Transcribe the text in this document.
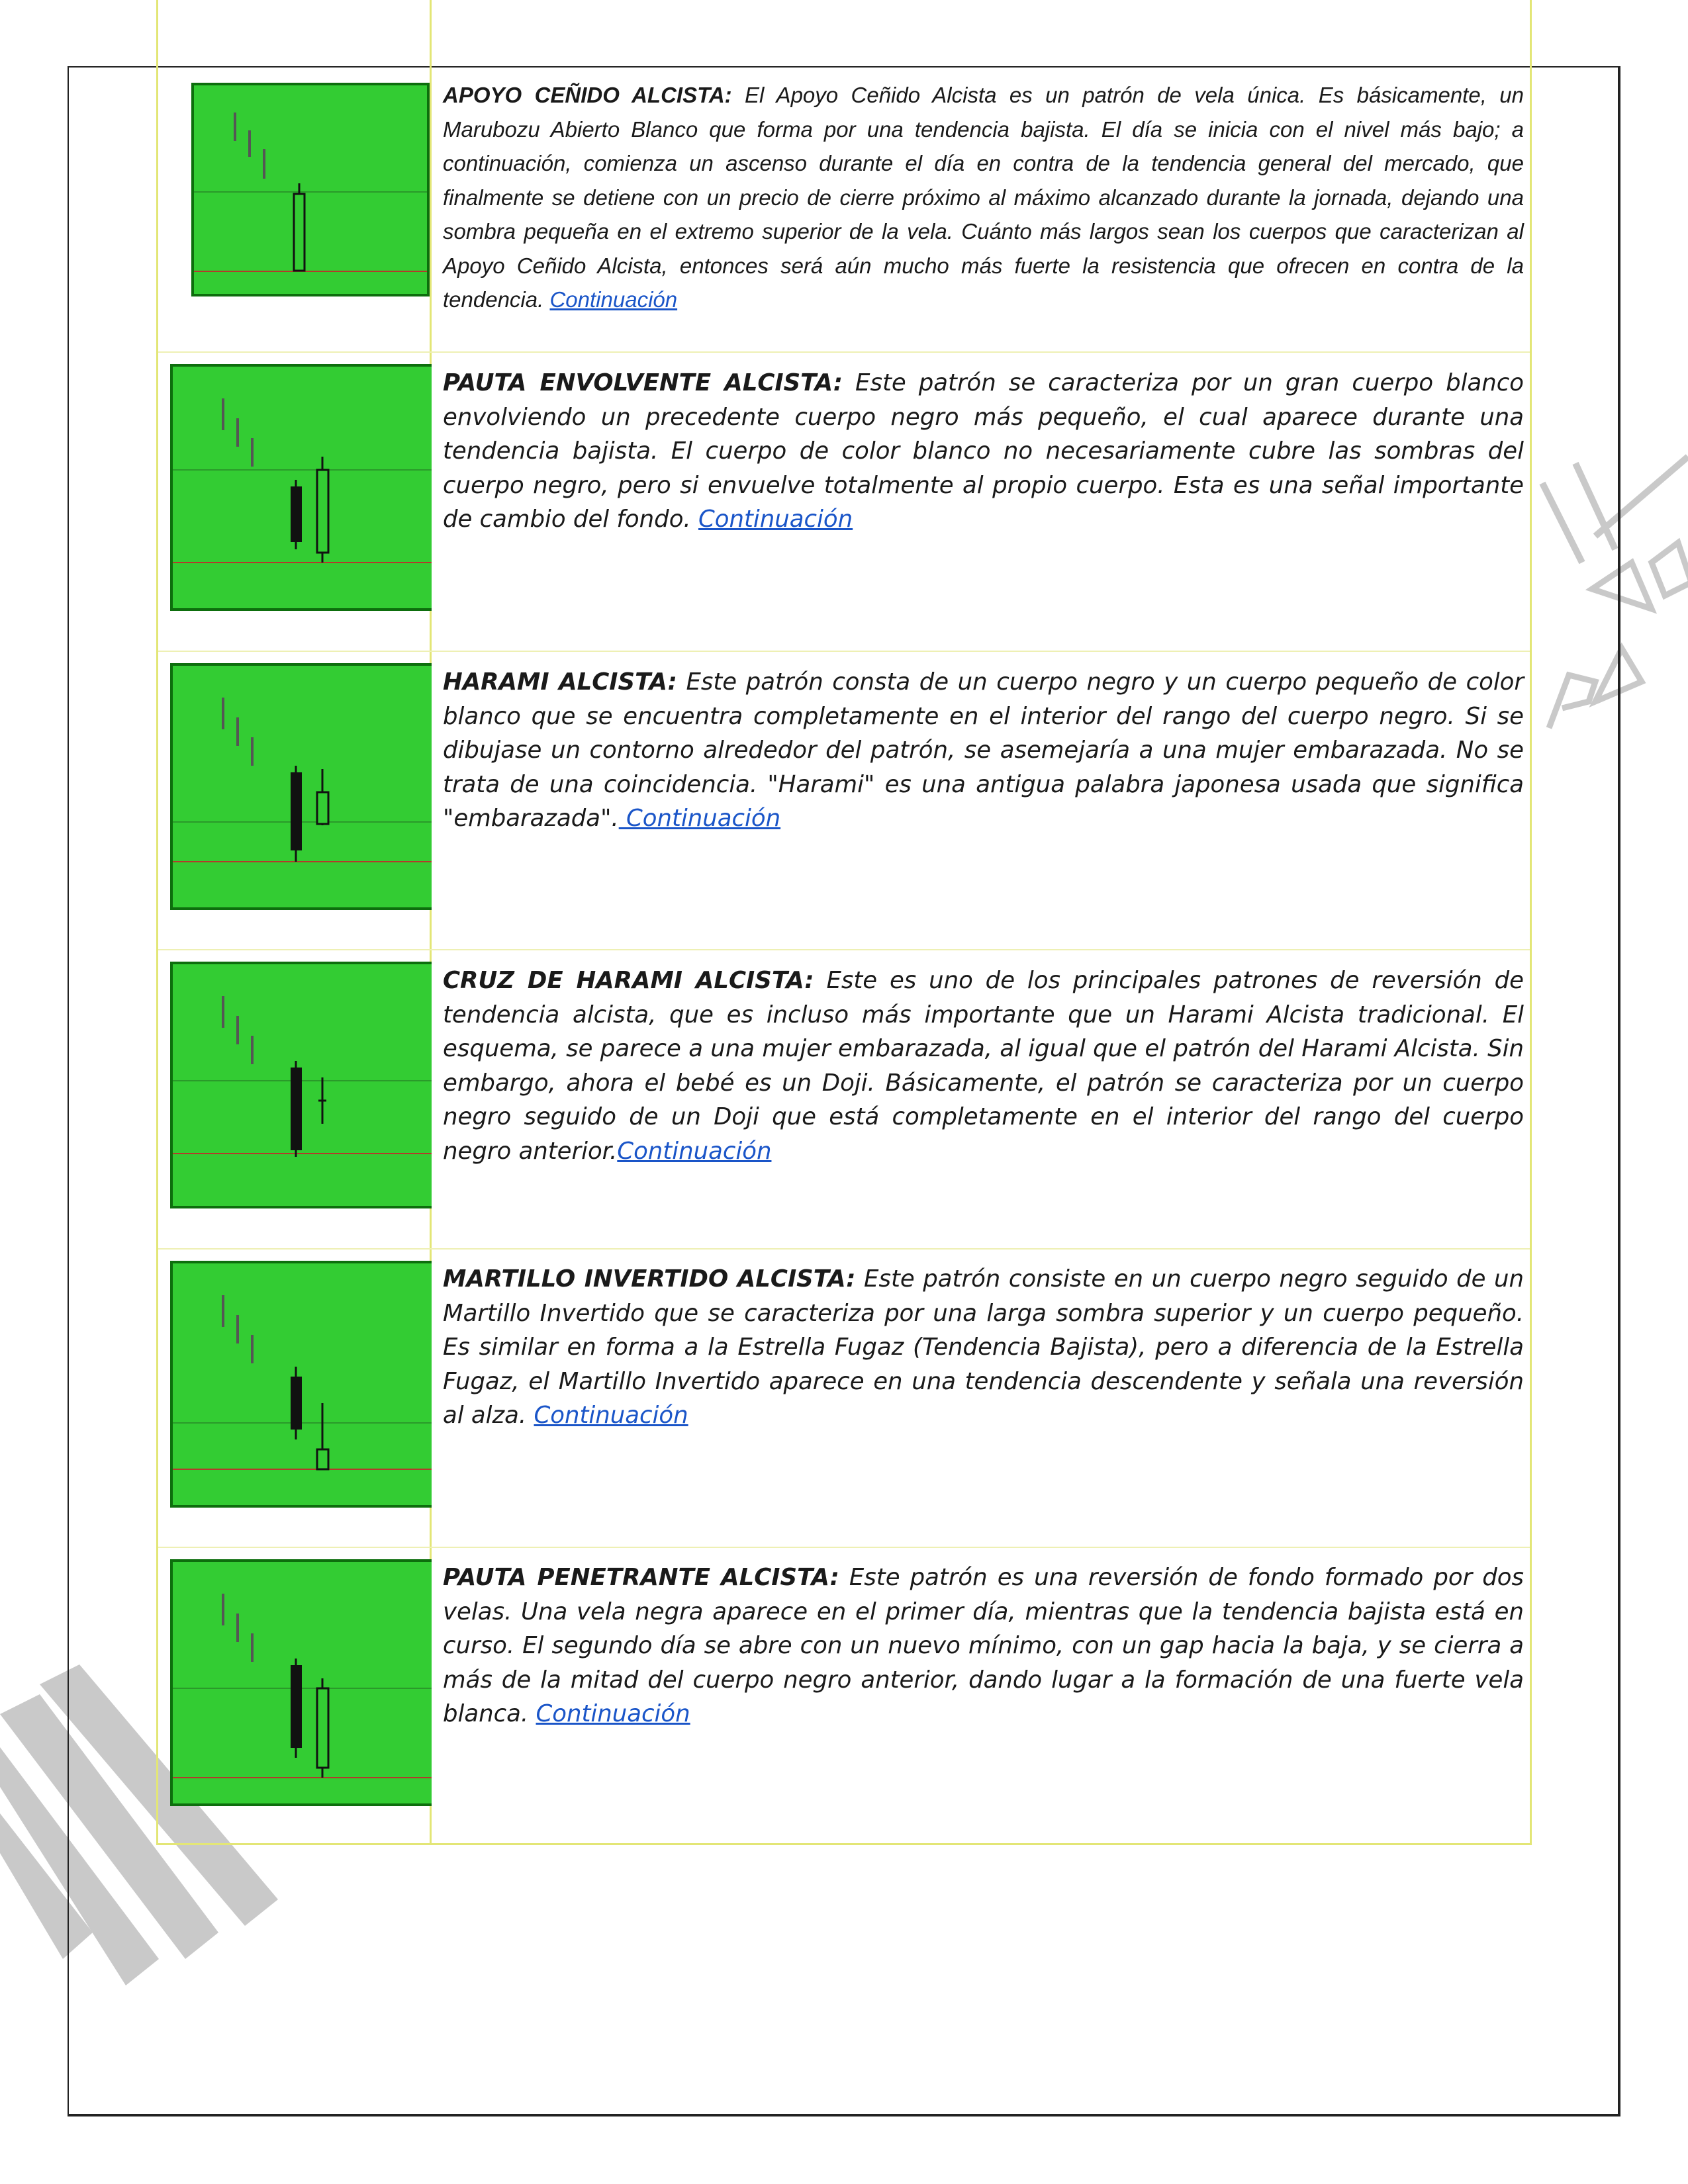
APOYO CEÑIDO ALCISTA: El Apoyo Ceñido Alcista es un patrón de vela única. Es básicamente, un Marubozu Abierto Blanco que forma por una tendencia bajista. El día se inicia con el nivel más bajo; a continuación, comienza un ascenso durante el día en contra de la tendencia general del mercado, que finalmente se detiene con un precio de cierre próximo al máximo alcanzado durante la jornada, dejando una sombra pequeña en el extremo superior de la vela. Cuánto más largos sean los cuerpos que caracterizan al Apoyo Ceñido Alcista, entonces será aún mucho más fuerte la resistencia que ofrecen en contra de la tendencia. Continuación
PAUTA ENVOLVENTE ALCISTA: Este patrón se caracteriza por un gran cuerpo blanco envolviendo un precedente cuerpo negro más pequeño, el cual aparece durante una tendencia bajista. El cuerpo de color blanco no necesariamente cubre las sombras del cuerpo negro, pero si envuelve totalmente al propio cuerpo. Esta es una señal importante de cambio del fondo. Continuación
HARAMI ALCISTA: Este patrón consta de un cuerpo negro y un cuerpo pequeño de color blanco que se encuentra completamente en el interior del rango del cuerpo negro. Si se dibujase un contorno alrededor del patrón, se asemejaría a una mujer embarazada. No se trata de una coincidencia. "Harami" es una antigua palabra japonesa usada que significa "embarazada". Continuación
CRUZ DE HARAMI ALCISTA: Este es uno de los principales patrones de reversión de tendencia alcista, que es incluso más importante que un Harami Alcista tradicional. El esquema, se parece a una mujer embarazada, al igual que el patrón del Harami Alcista. Sin embargo, ahora el bebé es un Doji. Básicamente, el patrón se caracteriza por un cuerpo negro seguido de un Doji que está completamente en el interior del rango del cuerpo negro anterior.Continuación
MARTILLO INVERTIDO ALCISTA: Este patrón consiste en un cuerpo negro seguido de un Martillo Invertido que se caracteriza por una larga sombra superior y un cuerpo pequeño. Es similar en forma a la Estrella Fugaz (Tendencia Bajista), pero a diferencia de la Estrella Fugaz, el Martillo Invertido aparece en una tendencia descendente y señala una reversión al alza. Continuación
PAUTA PENETRANTE ALCISTA: Este patrón es una reversión de fondo formado por dos velas. Una vela negra aparece en el primer día, mientras que la tendencia bajista está en curso. El segundo día se abre con un nuevo mínimo, con un gap hacia la baja, y se cierra a más de la mitad del cuerpo negro anterior, dando lugar a la formación de una fuerte vela blanca. Continuación
